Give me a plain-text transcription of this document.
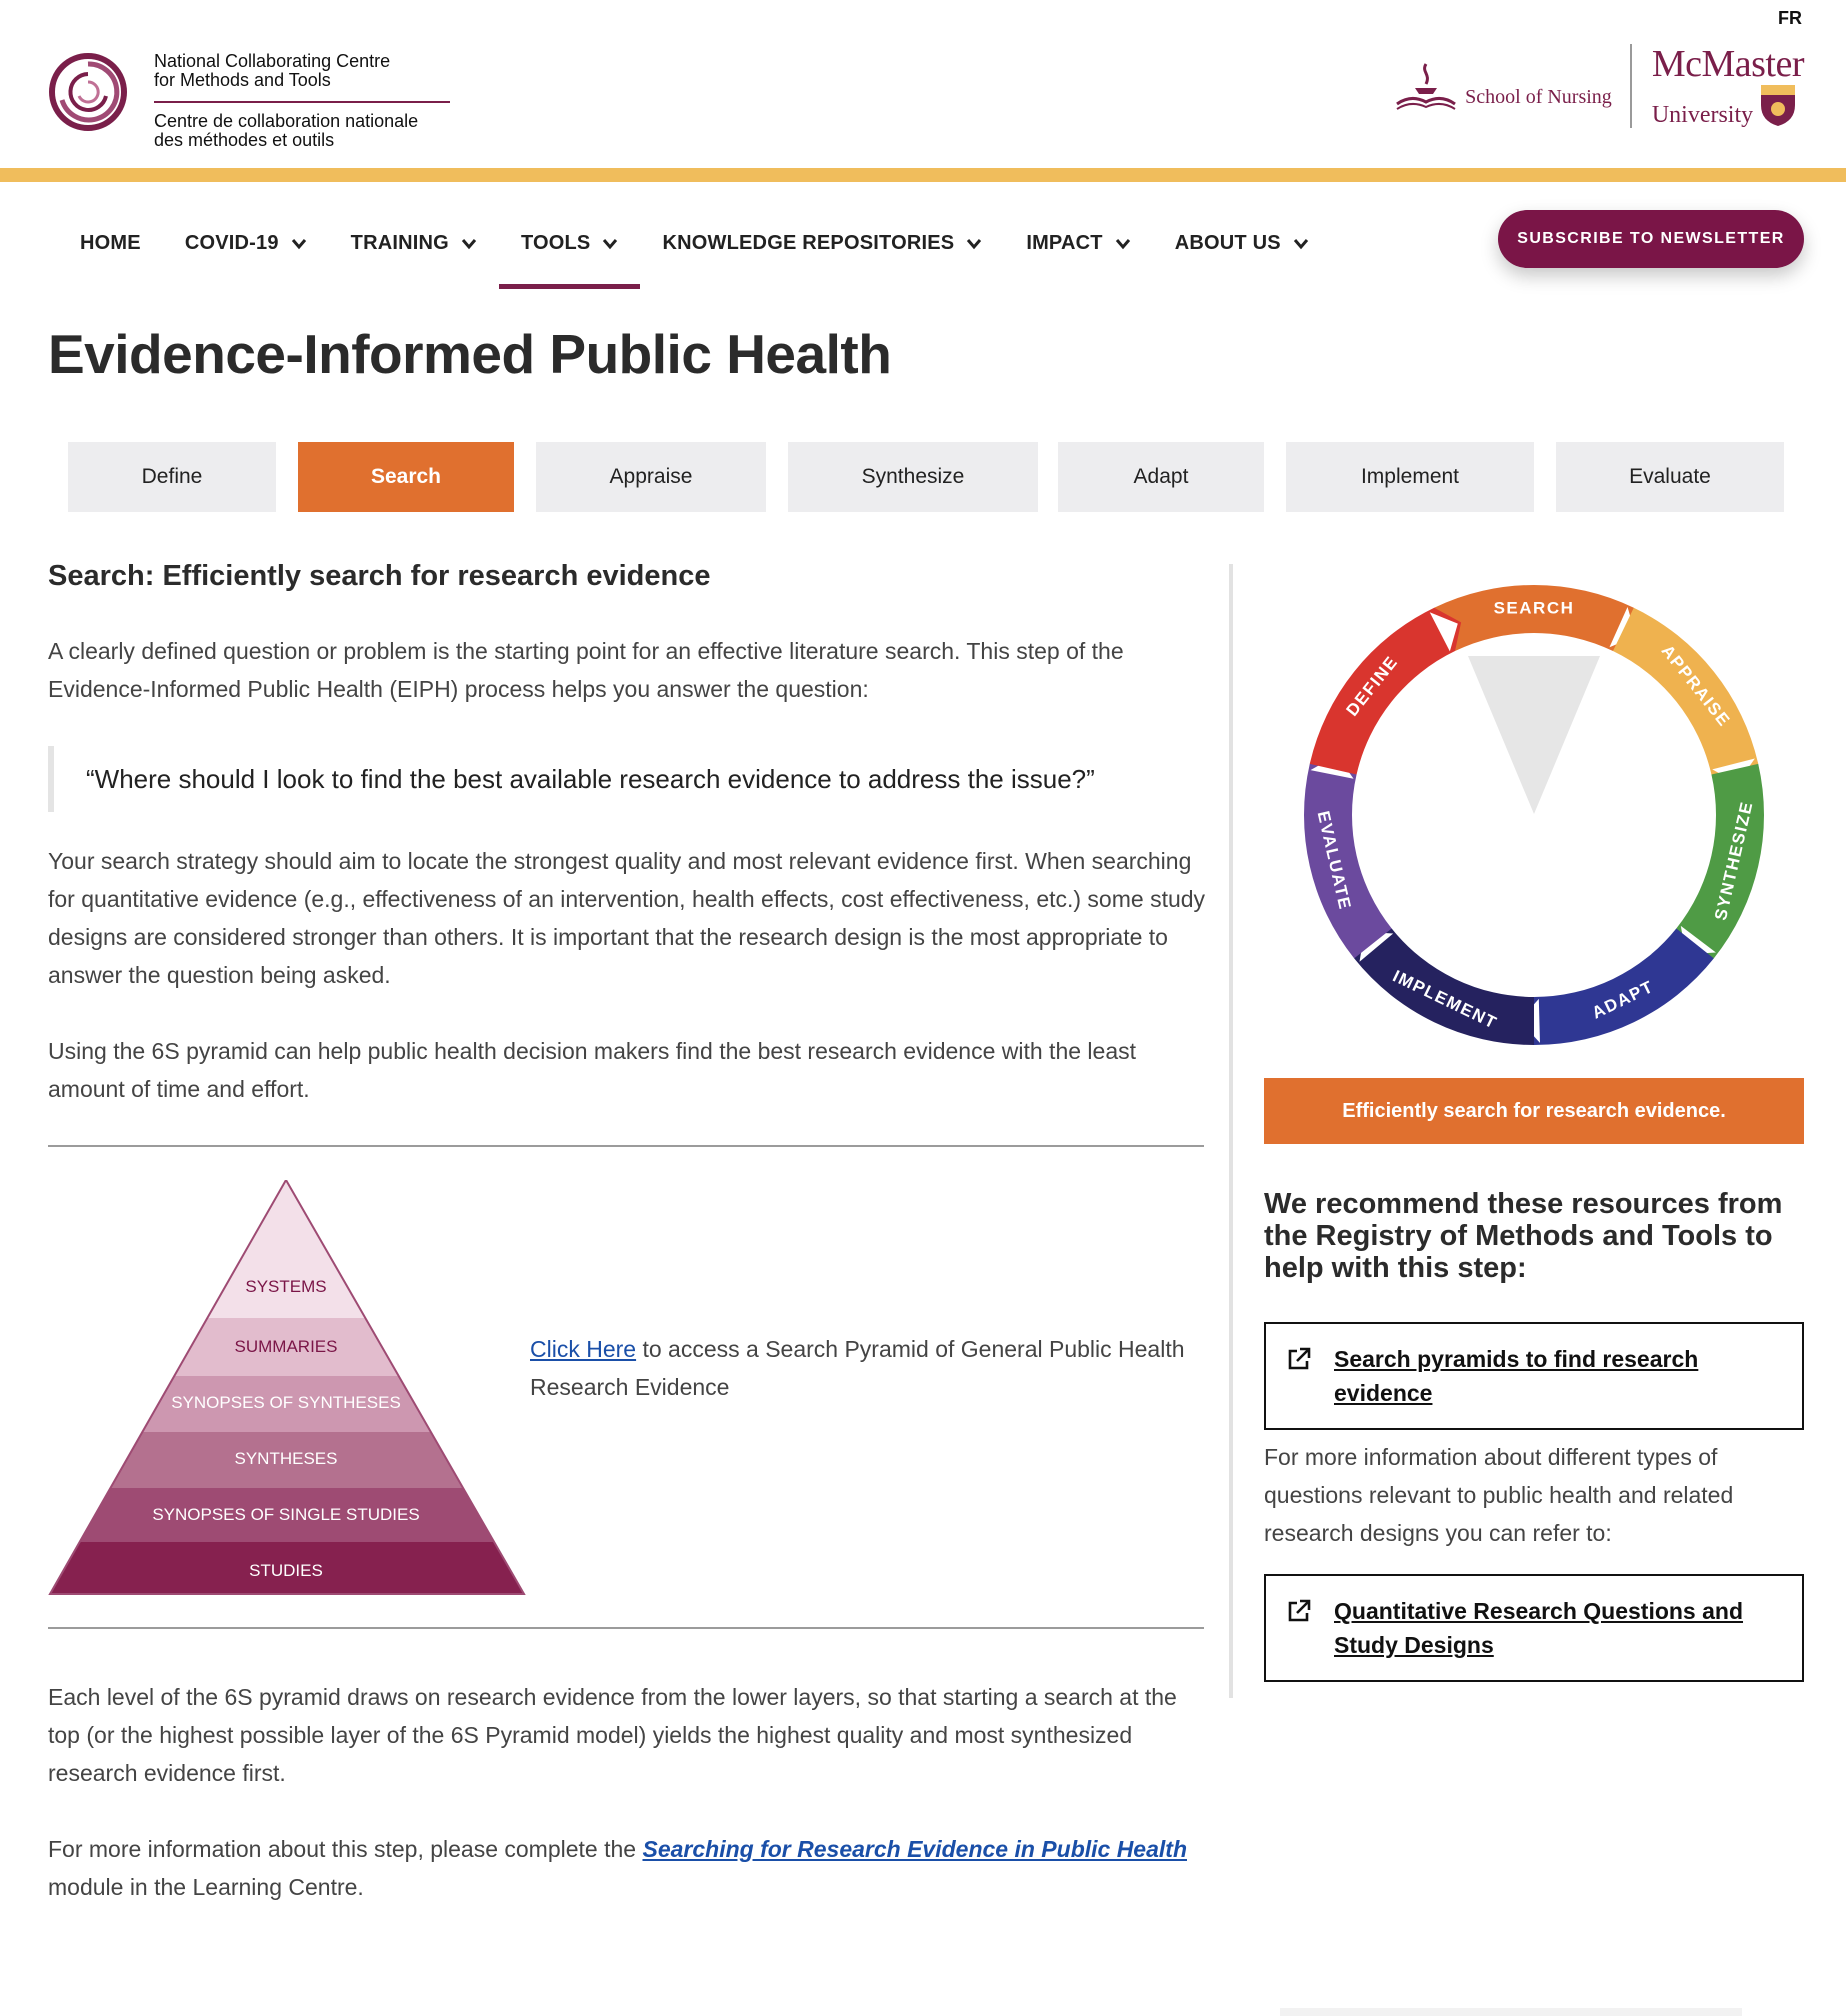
FR
National Collaborating Centre
for Methods and Tools
Centre de collaboration nationale
des méthodes et outils
School of Nursing
McMaster
University
HOME COVID-19	TRAINING	TOOLS	KNOWLEDGE REPOSITORIES	IMPACT	ABOUT US	SUBSCRIBE TO NEWSLETTER
Evidence-Informed Public Health
Define	Search	Appraise	Synthesize	Adapt	Implement	Evaluate
Search: Efficiently search for research evidence

A clearly defined question or problem is the starting point for an effective literature search. This step of the Evidence-Informed Public Health (EIPH) process helps you answer the question:

“Where should I look to find the best available research evidence to address the issue?”

Your search strategy should aim to locate the strongest quality and most relevant evidence first. When searching for quantitative evidence (e.g., effectiveness of an intervention, health effects, cost effectiveness, etc.) some study designs are considered stronger than others. It is important that the research design is the most appropriate to answer the question being asked.

Using the 6S pyramid can help public health decision makers find the best research evidence with the least amount of time and effort.

SYSTEMS
SUMMARIES
SYNOPSES OF SYNTHESES
SYNTHESES
SYNOPSES OF SINGLE STUDIES
STUDIES

Click Here to access a Search Pyramid of General Public Health Research Evidence

Each level of the 6S pyramid draws on research evidence from the lower layers, so that starting a search at the top (or the highest possible layer of the 6S Pyramid model) yields the highest quality and most synthesized research evidence first.

For more information about this step, please complete the Searching for Research Evidence in Public Health module in the Learning Centre.

SEARCH
APPRAISE
SYNTHESIZE
ADAPT
IMPLEMENT
EVALUATE
DEFINE
Efficiently search for research evidence.
We recommend these resources from the Registry of Methods and Tools to help with this step:
Search pyramids to find research evidence

For more information about different types of questions relevant to public health and related research designs you can refer to:

Quantitative Research Questions and Study Designs
